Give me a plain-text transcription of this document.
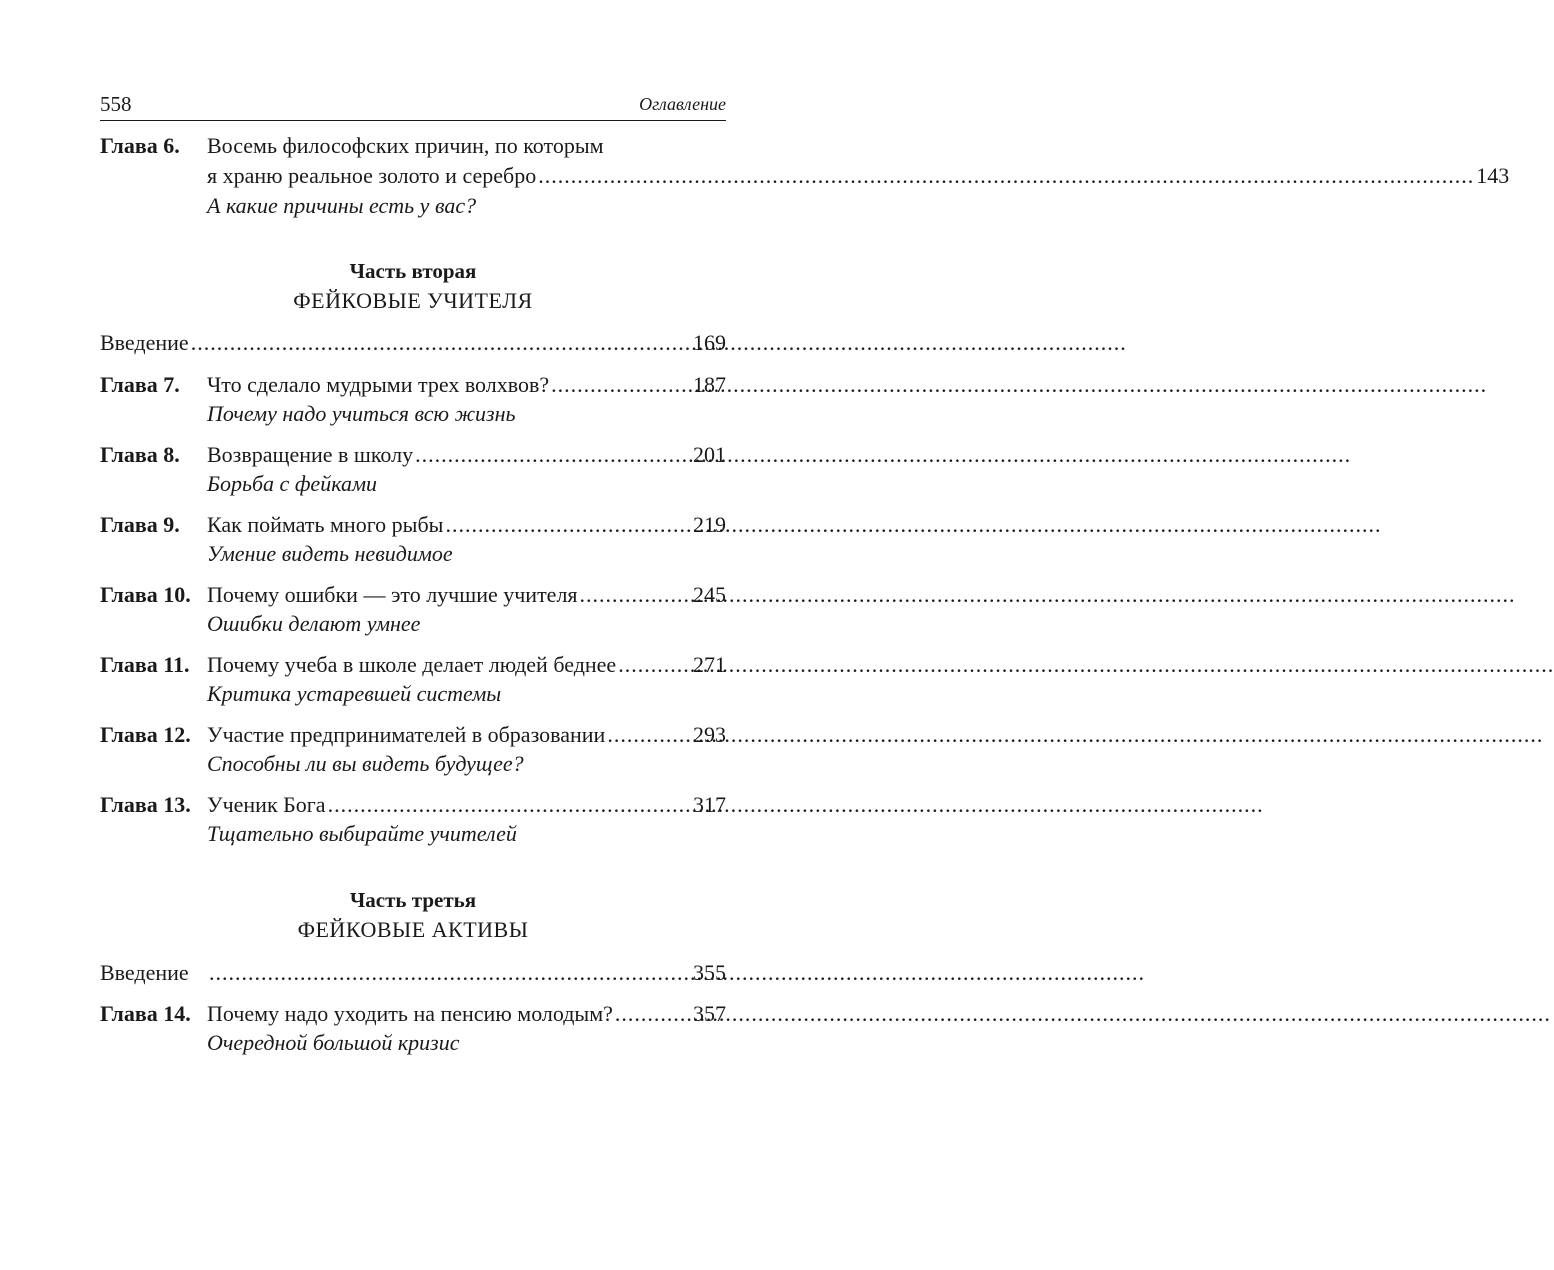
558	Оглавление
Глава 6.	Восемь философских причин, по которым
я храню реальное золото и серебро .....	143
А какие причины есть у вас?
Часть вторая
ФЕЙКОВЫЕ УЧИТЕЛЯ
Введение .....	169
Глава 7.	Что сделало мудрыми трех волхвов? .....	187
Почему надо учиться всю жизнь
Глава 8.	Возвращение в школу .....	201
Борьба с фейками
Глава 9.	Как поймать много рыбы .....	219
Умение видеть невидимое
Глава 10. Почему ошибки — это лучшие учителя .....	245
Ошибки делают умнее
Глава 11. Почему учеба в школе делает людей беднее .....	271
Критика устаревшей системы
Глава 12. Участие предпринимателей в образовании .....	293
Способны ли вы видеть будущее?
Глава 13. Ученик Бога .....	317
Тщательно выбирайте учителей
Часть третья
ФЕЙКОВЫЕ АКТИВЫ
Введение .....	355
Глава 14. Почему надо уходить на пенсию молодым? .....	357
Очередной большой кризис
